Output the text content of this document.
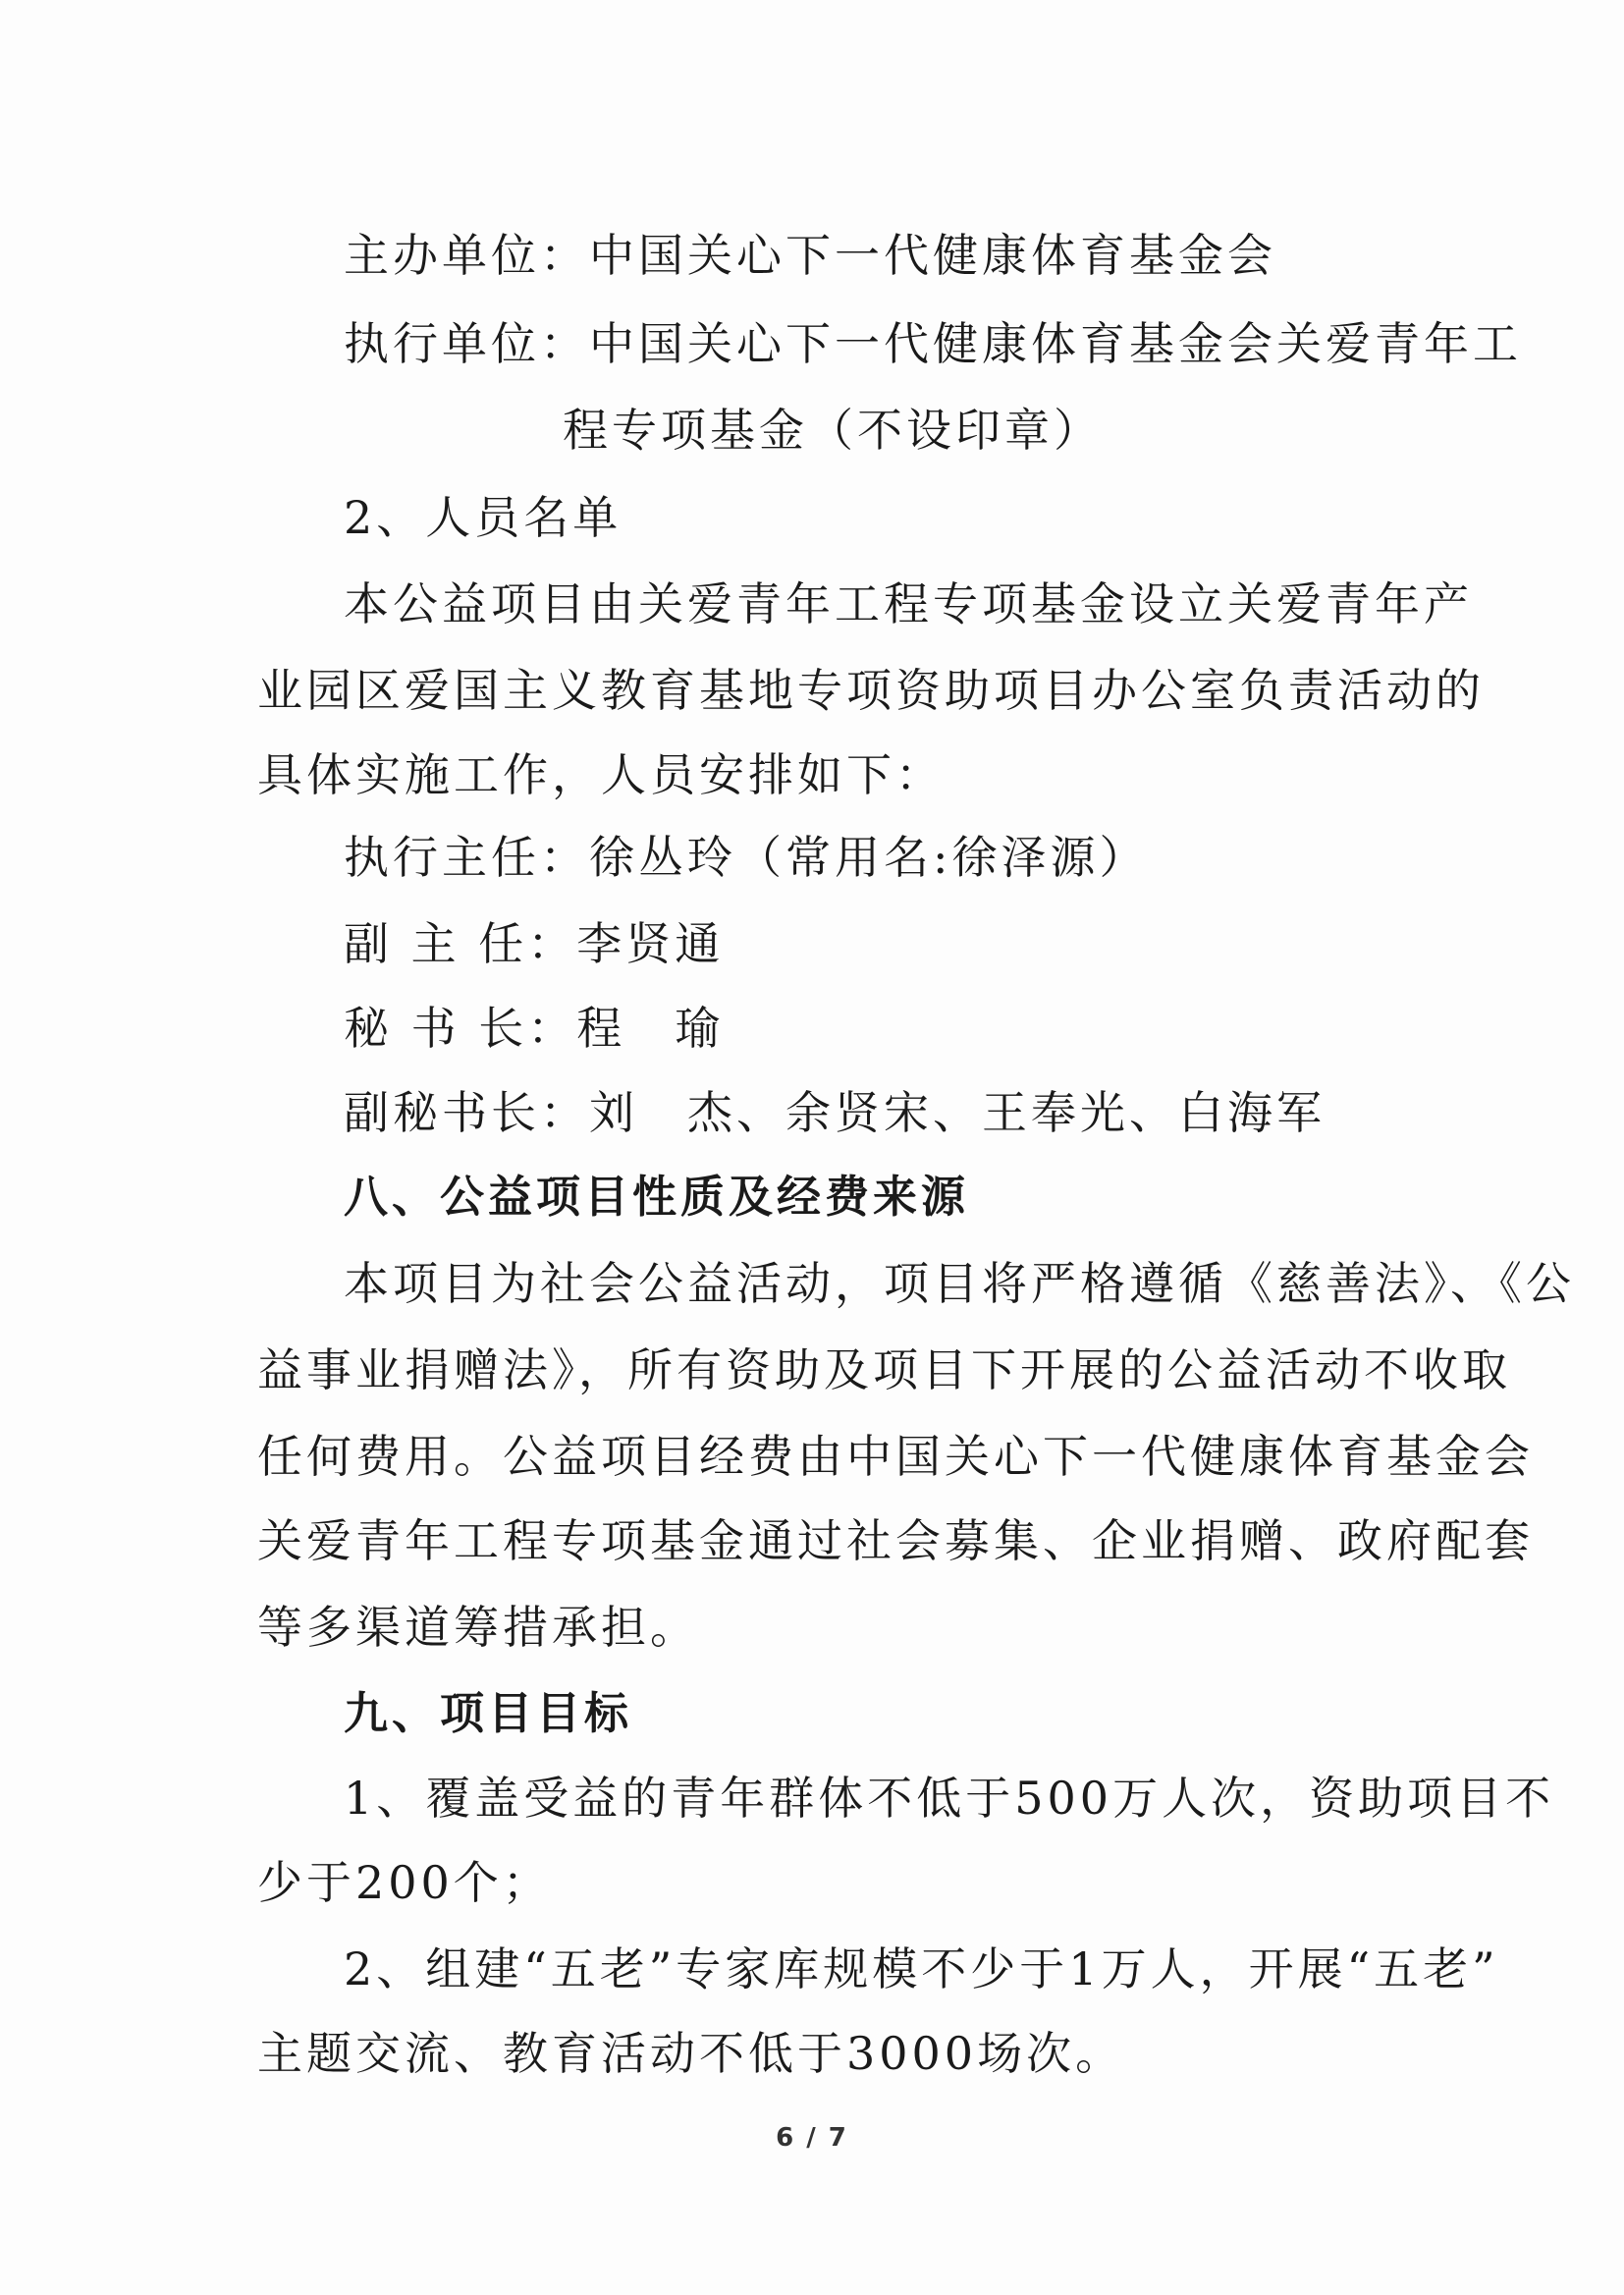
主办单位：中国关心下一代健康体育基金会

执行单位：中国关心下一代健康体育基金会关爱青年工

程专项基金（不设印章）

2、人员名单

本公益项目由关爱青年工程专项基金设立关爱青年产

业园区爱国主义教育基地专项资助项目办公室负责活动的

具体实施工作，人员安排如下：

执行主任：徐丛玲（常用名:徐泽源）

副 主 任：李贤通

秘 书 长：程　瑜

副秘书长：刘　杰、余贤宋、王奉光、白海军

八、公益项目性质及经费来源

本项目为社会公益活动，项目将严格遵循《慈善法》、《公

益事业捐赠法》，所有资助及项目下开展的公益活动不收取

任何费用。公益项目经费由中国关心下一代健康体育基金会

关爱青年工程专项基金通过社会募集、企业捐赠、政府配套

等多渠道筹措承担。

九、项目目标

1、覆盖受益的青年群体不低于500万人次，资助项目不

少于200个；

2、组建“五老”专家库规模不少于1万人，开展“五老”

主题交流、教育活动不低于3000场次。

6 / 7
